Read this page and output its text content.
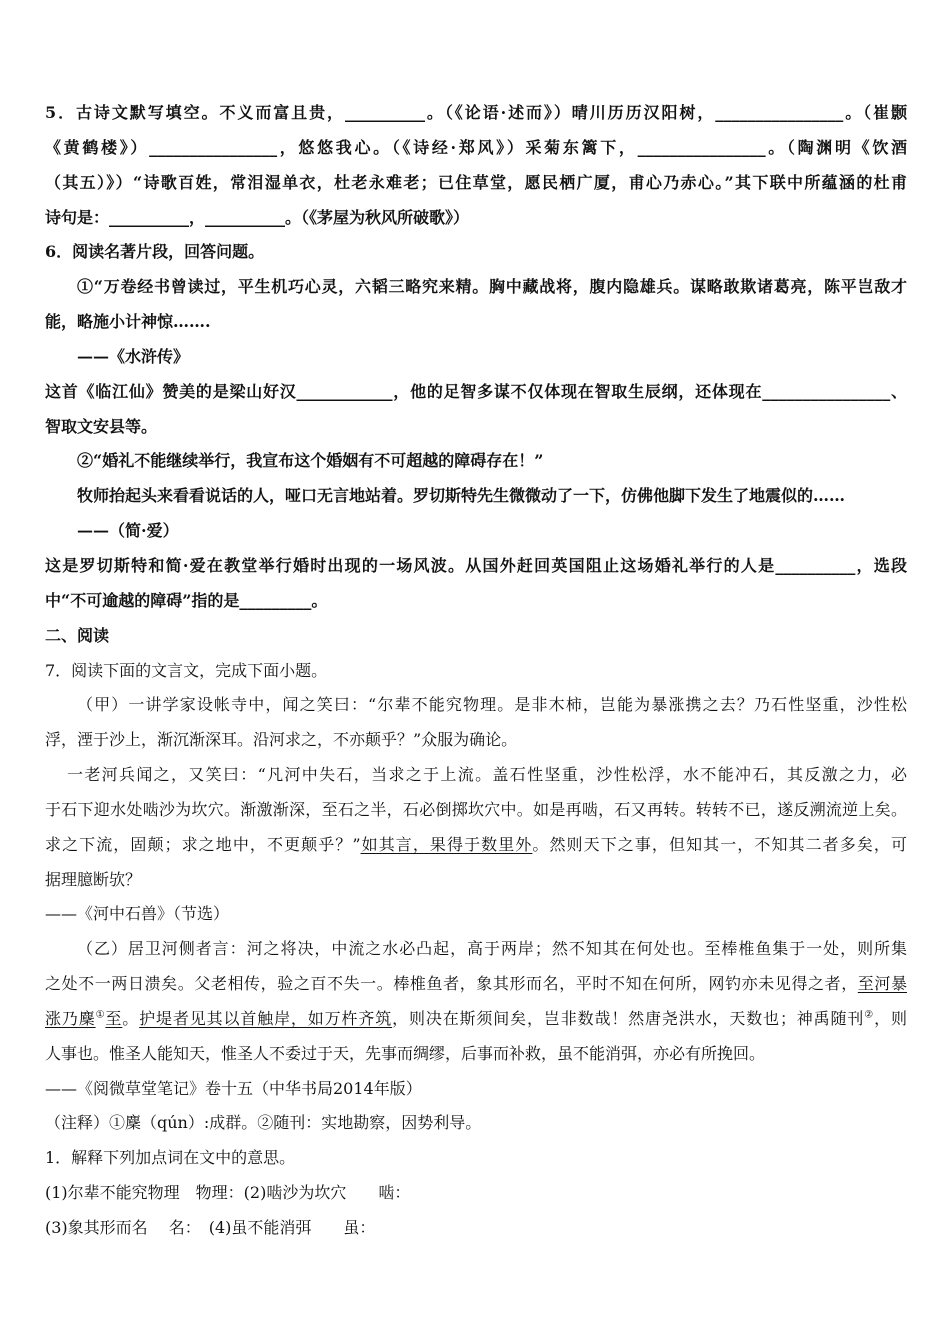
5．古诗文默写填空。不义而富且贵，__________。（《论语·述而》）晴川历历汉阳树，________________。（崔颢
《黄鹤楼》）________________，悠悠我心。（《诗经·郑风》）采菊东篱下，________________。（陶渊明《饮酒
（其五）》）“诗歌百姓，常泪湿单衣，杜老永难老；已住草堂，愿民栖广厦，甫心乃赤心。”其下联中所蕴涵的杜甫
诗句是：__________，__________。（《茅屋为秋风所破歌》）
6．阅读名著片段，回答问题。
①“万卷经书曾读过，平生机巧心灵，六韬三略究来精。胸中藏战将，腹内隐雄兵。谋略敢欺诸葛亮，陈平岂敌才
能，略施小计神惊…….
——《水浒传》
这首《临江仙》赞美的是梁山好汉____________，他的足智多谋不仅体现在智取生辰纲，还体现在________________、
智取文安县等。
②“婚礼不能继续举行，我宣布这个婚姻有不可超越的障碍存在！”
牧师抬起头来看看说话的人，哑口无言地站着。罗切斯特先生微微动了一下，仿佛他脚下发生了地震似的……
——（简·爱）
这是罗切斯特和简·爱在教堂举行婚时出现的一场风波。从国外赶回英国阻止这场婚礼举行的人是__________，选段
中“不可逾越的障碍”指的是_________。
二、阅读
7．阅读下面的文言文，完成下面小题。
（甲）一讲学家设帐寺中，闻之笑曰：“尔辈不能究物理。是非木柿，岂能为暴涨携之去？乃石性坚重，沙性松
浮，湮于沙上，渐沉渐深耳。沿河求之，不亦颠乎？”众服为确论。
一老河兵闻之，又笑曰：“凡河中失石，当求之于上流。盖石性坚重，沙性松浮，水不能冲石，其反激之力，必
于石下迎水处啮沙为坎穴。渐激渐深，至石之半，石必倒掷坎穴中。如是再啮，石又再转。转转不已，遂反溯流逆上矣。
求之下流，固颠；求之地中，不更颠乎？”如其言，果得于数里外。然则天下之事，但知其一，不知其二者多矣，可
据理臆断欤？
——《河中石兽》（节选）
（乙）居卫河侧者言：河之将决，中流之水必凸起，高于两岸；然不知其在何处也。至棒椎鱼集于一处，则所集
之处不一两日溃矣。父老相传，验之百不失一。棒椎鱼者，象其形而名，平时不知在何所，网钓亦未见得之者，至河暴
涨乃麇①至。护堤者见其以首触岸，如万杵齐筑，则决在斯须间矣，岂非数哉！然唐尧洪水，天数也；神禹随刊②，则
人事也。惟圣人能知天，惟圣人不委过于天，先事而绸缪，后事而补救，虽不能消弭，亦必有所挽回。
——《阅微草堂笔记》卷十五（中华书局2014年版）
（注释）①麇（qún）:成群。②随刊：实地勘察，因势利导。
1．解释下列加点词在文中的意思。
(1)尔辈不能究物理　物理：(2)啮沙为坎穴　　啮：
(3)象其形而名　 名：　(4)虽不能消弭　　虽：
